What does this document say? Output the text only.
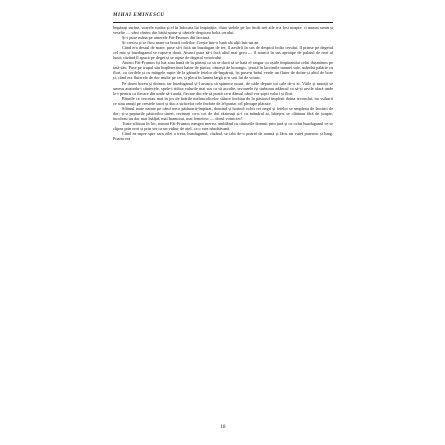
MIHAI EMINESCU

împărați surâse, soarele surâse și el în înfocata lui împărăție, chiar stelele pe loc încât trei zile n-a fost noapte, ci numai senin și veselie — vânt cântec din bătăi spuse și cântele despicau bolta cerului.

Și-i puse mâna pe umerele Făt-Frumos din lacrimă.

Și crescu și se făcu mare ca brazii codrilor. Crește într-o lună cât alții într-un an.

Când era destul de mare, puse să-i facă un buzdugan de fer, îl azvârli în sus de despică bolta cerului, îl prinse pe degetul cel mic și buzduganul se rupse-n două. Atunci puse să-i facă altul mai greu — îl aruncă în sus aproape de palatul de nori al lunii; căzând îl apucă pe deget și se rupse de degetul voinicului.

Atunci Făt-Frumos își luă ziua bună de la părinți ca să se ducă să se bată el singur cu oștile împăratului celui dușmănos pe tată-său. Puse pe trupul său împletecituri haine de păstor, cămeșă de borangic, țesută în lacrimile mamei sale, mândră pălărie cu flori, cu cordele și cu mărgele rupte de la gâturile fetelor de-împărați, își puse-n brâul verde un fluier de doine și altul de hore și, când era fluierele de dor multe pe cer, și plecă în lumea largă și-n soii lui de voinic.

Pe drum horea și doinea, iar buzduganul și-l arunca să spintece nouri, de căde depute tot cale de-o zi. Văile și munții se umesu auzindu-i cântecele, spele-i ridica valurile mai sus ca să asculte, izvoarele își turburau adâncul ca să-și arvile afară unde le-r pentru ca fiecare din unde să-i audă, fiecare din ele să poată ca-n dânsul când vor șopti valori și flori.

Râurile ce cercetau mai în jos de brările melancolicelor stânce învâtau de la păstorul împletit doina izvorului, iar vulturii ce stau amuți pe crestele sacri și duc a străcelor cele învârte de le'tpurtat cel pleoape plăcute.

Sfântul toate nainte pe când trece pădurarii-împărat, doinind și horind: ochii cei negri și fetelor se umpleau de lacrimi de dor; și-a pepturile păstorilor tineri, rezimați ca-n cot de doi răzimați și-i cu mândrul ai, băiețea, se clătinau fără de șoapte, încoleau un dor mai înălțat, mai înamorat, mai femeiesc — dorul voiniciei!

Toate sfâtoau în loc, numai Făt-Frumos mergea mereu, umblând cu căuturile domnii prin țară și cu ochii buzduganul ce se clipea prin nori și prin ser ca un vultur de oțel, ca o stea năzdrăvană.

Când ea-aspre spre sara zilei a treia, buzduganul, căzând, se izbi de-o poartă de aramă și făcu un vuiet puternic și lung. Poarta era

18
